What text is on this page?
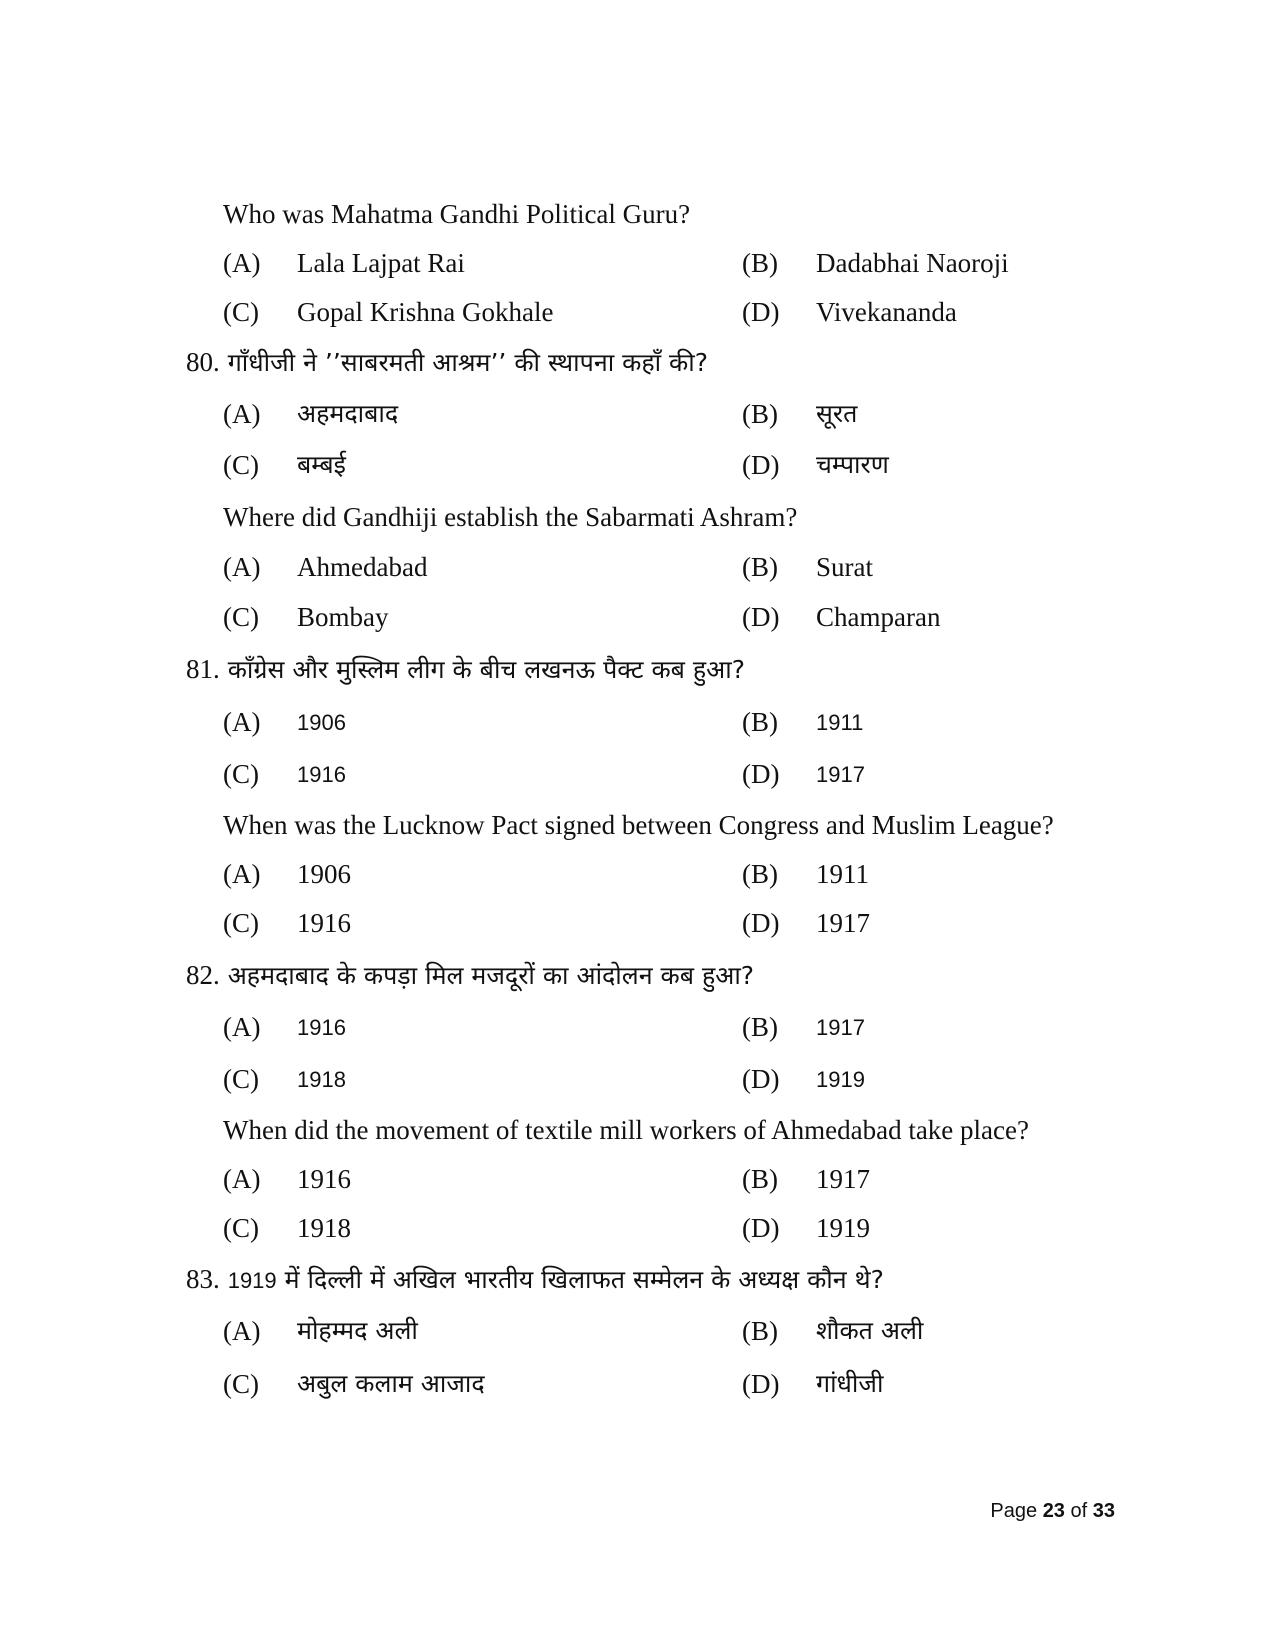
Who was Mahatma Gandhi Political Guru?
(A) Lala Lajpat Rai	(B) Dadabhai Naoroji
(C) Gopal Krishna Gokhale	(D) Vivekananda
80. गाँधीजी ने ’’साबरमती आश्रम’’ की स्थापना कहाँ की?
(A) अहमदाबाद	(B) सूरत
(C) बम्बई	(D) चम्पारण
Where did Gandhiji establish the Sabarmati Ashram?
(A) Ahmedabad	(B) Surat
(C) Bombay	(D) Champaran
81. काँग्रेस और मुस्लिम लीग के बीच लखनऊ पैक्ट कब हुआ?
(A) 1906	(B) 1911
(C) 1916	(D) 1917
When was the Lucknow Pact signed between Congress and Muslim League?
(A) 1906	(B) 1911
(C) 1916	(D) 1917
82. अहमदाबाद के कपड़ा मिल मजदूरों का आंदोलन कब हुआ?
(A) 1916	(B) 1917
(C) 1918	(D) 1919
When did the movement of textile mill workers of Ahmedabad take place?
(A) 1916	(B) 1917
(C) 1918	(D) 1919
83. 1919 में दिल्ली में अखिल भारतीय खिलाफत सम्मेलन के अध्यक्ष कौन थे?
(A) मोहम्मद अली	(B) शौकत अली
(C) अबुल कलाम आजाद	(D) गांधीजी
Page 23 of 33
